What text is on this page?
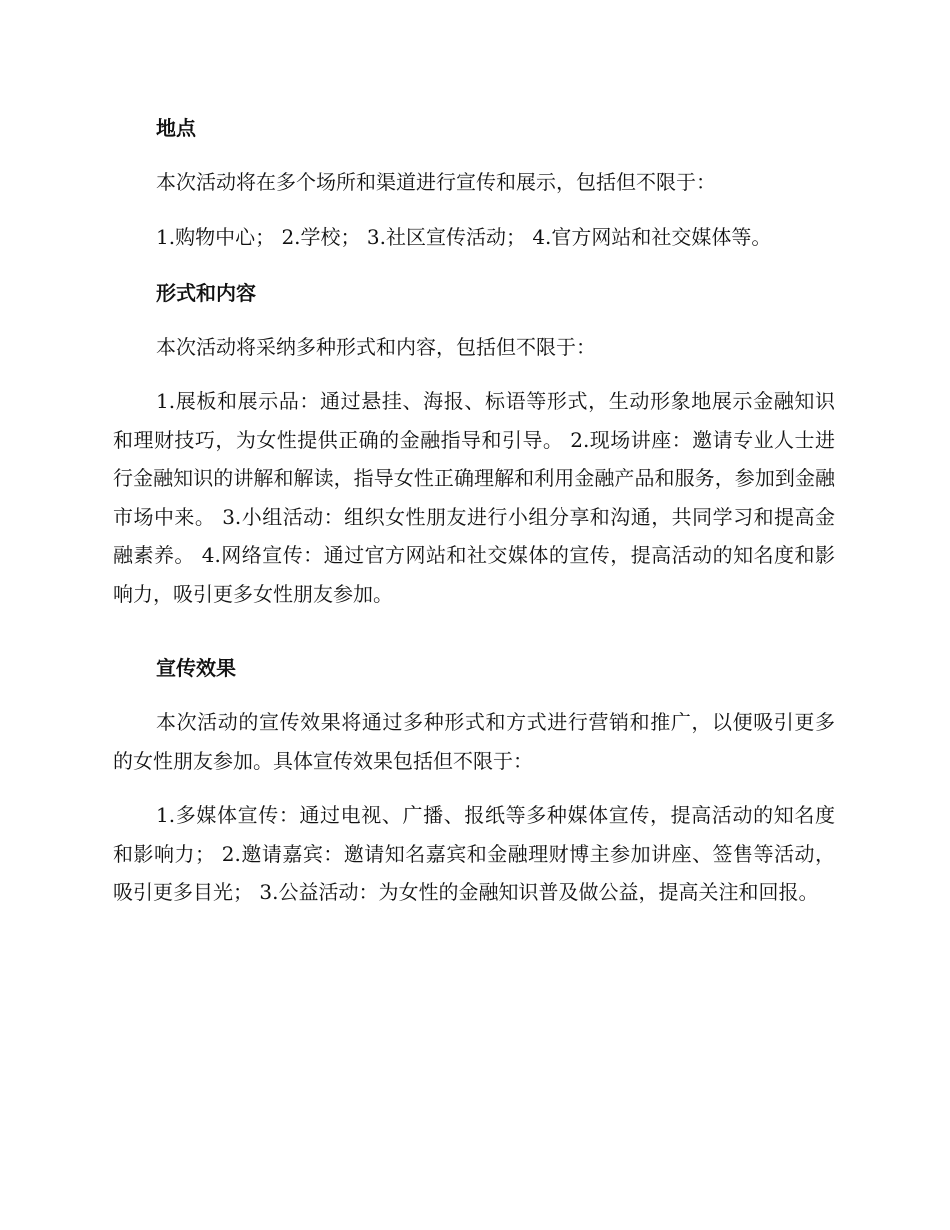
地点
本次活动将在多个场所和渠道进行宣传和展示，包括但不限于：
1.购物中心； 2.学校； 3.社区宣传活动； 4.官方网站和社交媒体等。
形式和内容
本次活动将采纳多种形式和内容，包括但不限于：
1.展板和展示品：通过悬挂、海报、标语等形式，生动形象地展示金融知识和理财技巧，为女性提供正确的金融指导和引导。 2.现场讲座：邀请专业人士进行金融知识的讲解和解读，指导女性正确理解和利用金融产品和服务，参加到金融市场中来。 3.小组活动：组织女性朋友进行小组分享和沟通，共同学习和提高金融素养。 4.网络宣传：通过官方网站和社交媒体的宣传，提高活动的知名度和影响力，吸引更多女性朋友参加。
宣传效果
本次活动的宣传效果将通过多种形式和方式进行营销和推广，以便吸引更多的女性朋友参加。具体宣传效果包括但不限于：
1.多媒体宣传：通过电视、广播、报纸等多种媒体宣传，提高活动的知名度和影响力； 2.邀请嘉宾：邀请知名嘉宾和金融理财博主参加讲座、签售等活动，吸引更多目光； 3.公益活动：为女性的金融知识普及做公益，提高关注和回报。
